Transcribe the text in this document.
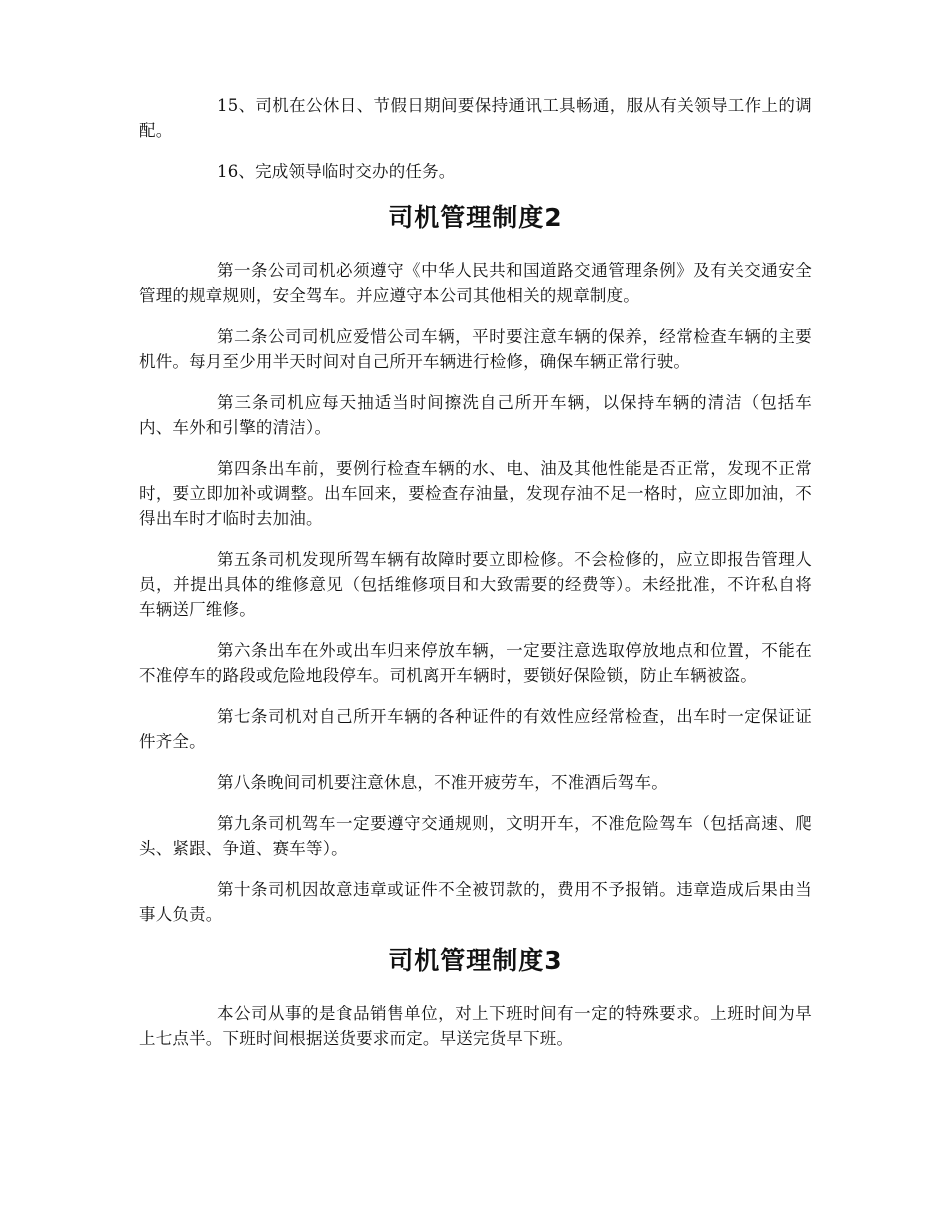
15、司机在公休日、节假日期间要保持通讯工具畅通，服从有关领导工作上的调配。

16、完成领导临时交办的任务。

司机管理制度2

第一条公司司机必须遵守《中华人民共和国道路交通管理条例》及有关交通安全管理的规章规则，安全驾车。并应遵守本公司其他相关的规章制度。

第二条公司司机应爱惜公司车辆，平时要注意车辆的保养，经常检查车辆的主要机件。每月至少用半天时间对自己所开车辆进行检修，确保车辆正常行驶。

第三条司机应每天抽适当时间擦洗自己所开车辆，以保持车辆的清洁（包括车内、车外和引擎的清洁）。

第四条出车前，要例行检查车辆的水、电、油及其他性能是否正常，发现不正常时，要立即加补或调整。出车回来，要检查存油量，发现存油不足一格时，应立即加油，不得出车时才临时去加油。

第五条司机发现所驾车辆有故障时要立即检修。不会检修的，应立即报告管理人员，并提出具体的维修意见（包括维修项目和大致需要的经费等）。未经批准，不许私自将车辆送厂维修。

第六条出车在外或出车归来停放车辆，一定要注意选取停放地点和位置，不能在不准停车的路段或危险地段停车。司机离开车辆时，要锁好保险锁，防止车辆被盗。

第七条司机对自己所开车辆的各种证件的有效性应经常检查，出车时一定保证证件齐全。

第八条晚间司机要注意休息，不准开疲劳车，不准酒后驾车。

第九条司机驾车一定要遵守交通规则，文明开车，不准危险驾车（包括高速、爬头、紧跟、争道、赛车等）。

第十条司机因故意违章或证件不全被罚款的，费用不予报销。违章造成后果由当事人负责。

司机管理制度3

本公司从事的是食品销售单位，对上下班时间有一定的特殊要求。上班时间为早上七点半。下班时间根据送货要求而定。早送完货早下班。
